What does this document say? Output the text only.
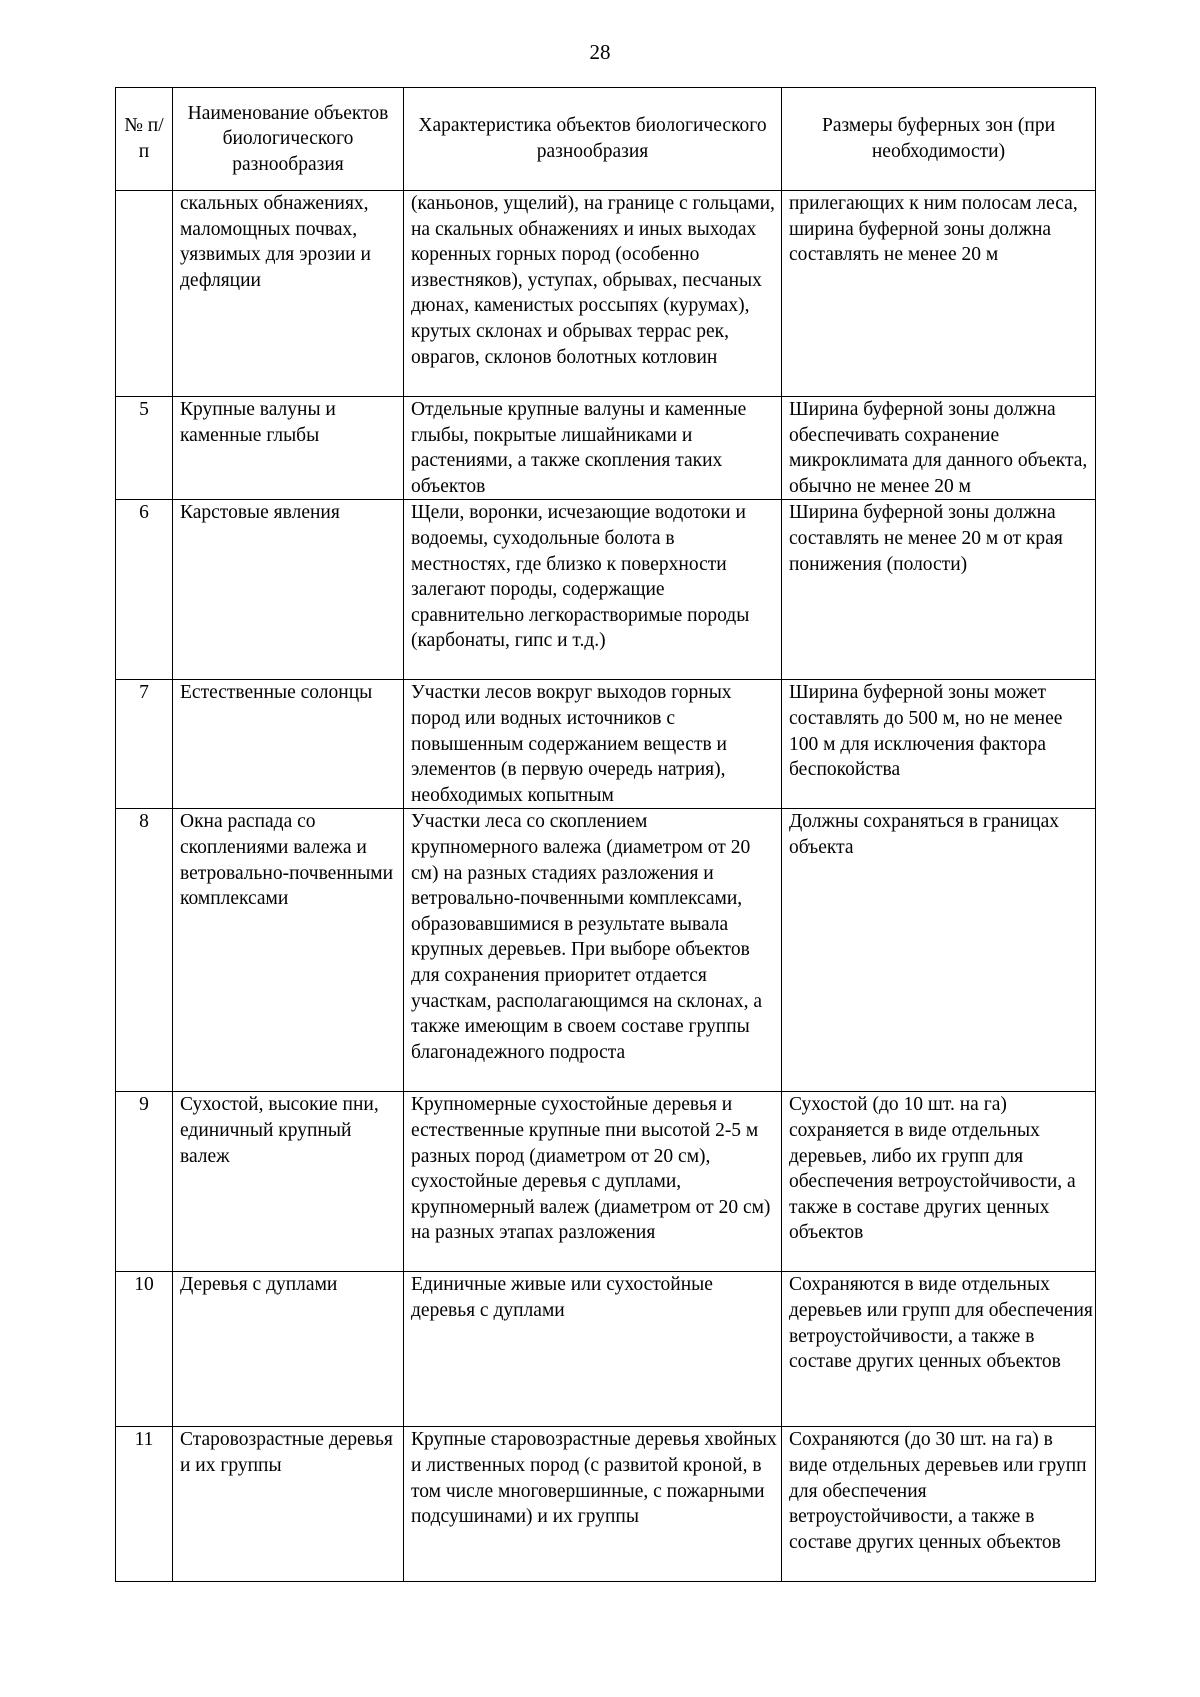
28
№ п/п	Наименование объектов биологического разнообразия	Характеристика объектов биологического разнообразия	Размеры буферных зон (при необходимости)
	скальных обнажениях, маломощных почвах, уязвимых для эрозии и дефляции	(каньонов, ущелий), на границе с гольцами, на скальных обнажениях и иных выходах коренных горных пород (особенно известняков), уступах, обрывах, песчаных дюнах, каменистых россыпях (курумах), крутых склонах и обрывах террас рек, оврагов, склонов болотных котловин	прилегающих к ним полосам леса, ширина буферной зоны должна составлять не менее 20 м
5	Крупные валуны и каменные глыбы	Отдельные крупные валуны и каменные глыбы, покрытые лишайниками и растениями, а также скопления таких объектов	Ширина буферной зоны должна обеспечивать сохранение микроклимата для данного объекта, обычно не менее 20 м
6	Карстовые явления	Щели, воронки, исчезающие водотоки и водоемы, суходольные болота в местностях, где близко к поверхности залегают породы, содержащие сравнительно легкорастворимые породы (карбонаты, гипс и т.д.)	Ширина буферной зоны должна составлять не менее 20 м от края понижения (полости)
7	Естественные солонцы	Участки лесов вокруг выходов горных пород или водных источников с повышенным содержанием веществ и элементов (в первую очередь натрия), необходимых копытным	Ширина буферной зоны может составлять до 500 м, но не менее 100 м для исключения фактора беспокойства
8	Окна распада со скоплениями валежа и ветровально-почвенными комплексами	Участки леса со скоплением крупномерного валежа (диаметром от 20 см) на разных стадиях разложения и ветровально-почвенными комплексами, образовавшимися в результате вывала крупных деревьев. При выборе объектов для сохранения приоритет отдается участкам, располагающимся на склонах, а также имеющим в своем составе группы благонадежного подроста	Должны сохраняться в границах объекта
9	Сухостой, высокие пни, единичный крупный валеж	Крупномерные сухостойные деревья и естественные крупные пни высотой 2-5 м разных пород (диаметром от 20 см), сухостойные деревья с дуплами, крупномерный валеж (диаметром от 20 см) на разных этапах разложения	Сухостой (до 10 шт. на га) сохраняется в виде отдельных деревьев, либо их групп для обеспечения ветроустойчивости, а также в составе других ценных объектов
10	Деревья с дуплами	Единичные живые или сухостойные деревья с дуплами	Сохраняются в виде отдельных деревьев или групп для обеспечения ветроустойчивости, а также в составе других ценных объектов
11	Старовозрастные деревья и их группы	Крупные старовозрастные деревья хвойных и лиственных пород (с развитой кроной, в том числе многовершинные, с пожарными подсушинами) и их группы	Сохраняются (до 30 шт. на га) в виде отдельных деревьев или групп для обеспечения ветроустойчивости, а также в составе других ценных объектов
